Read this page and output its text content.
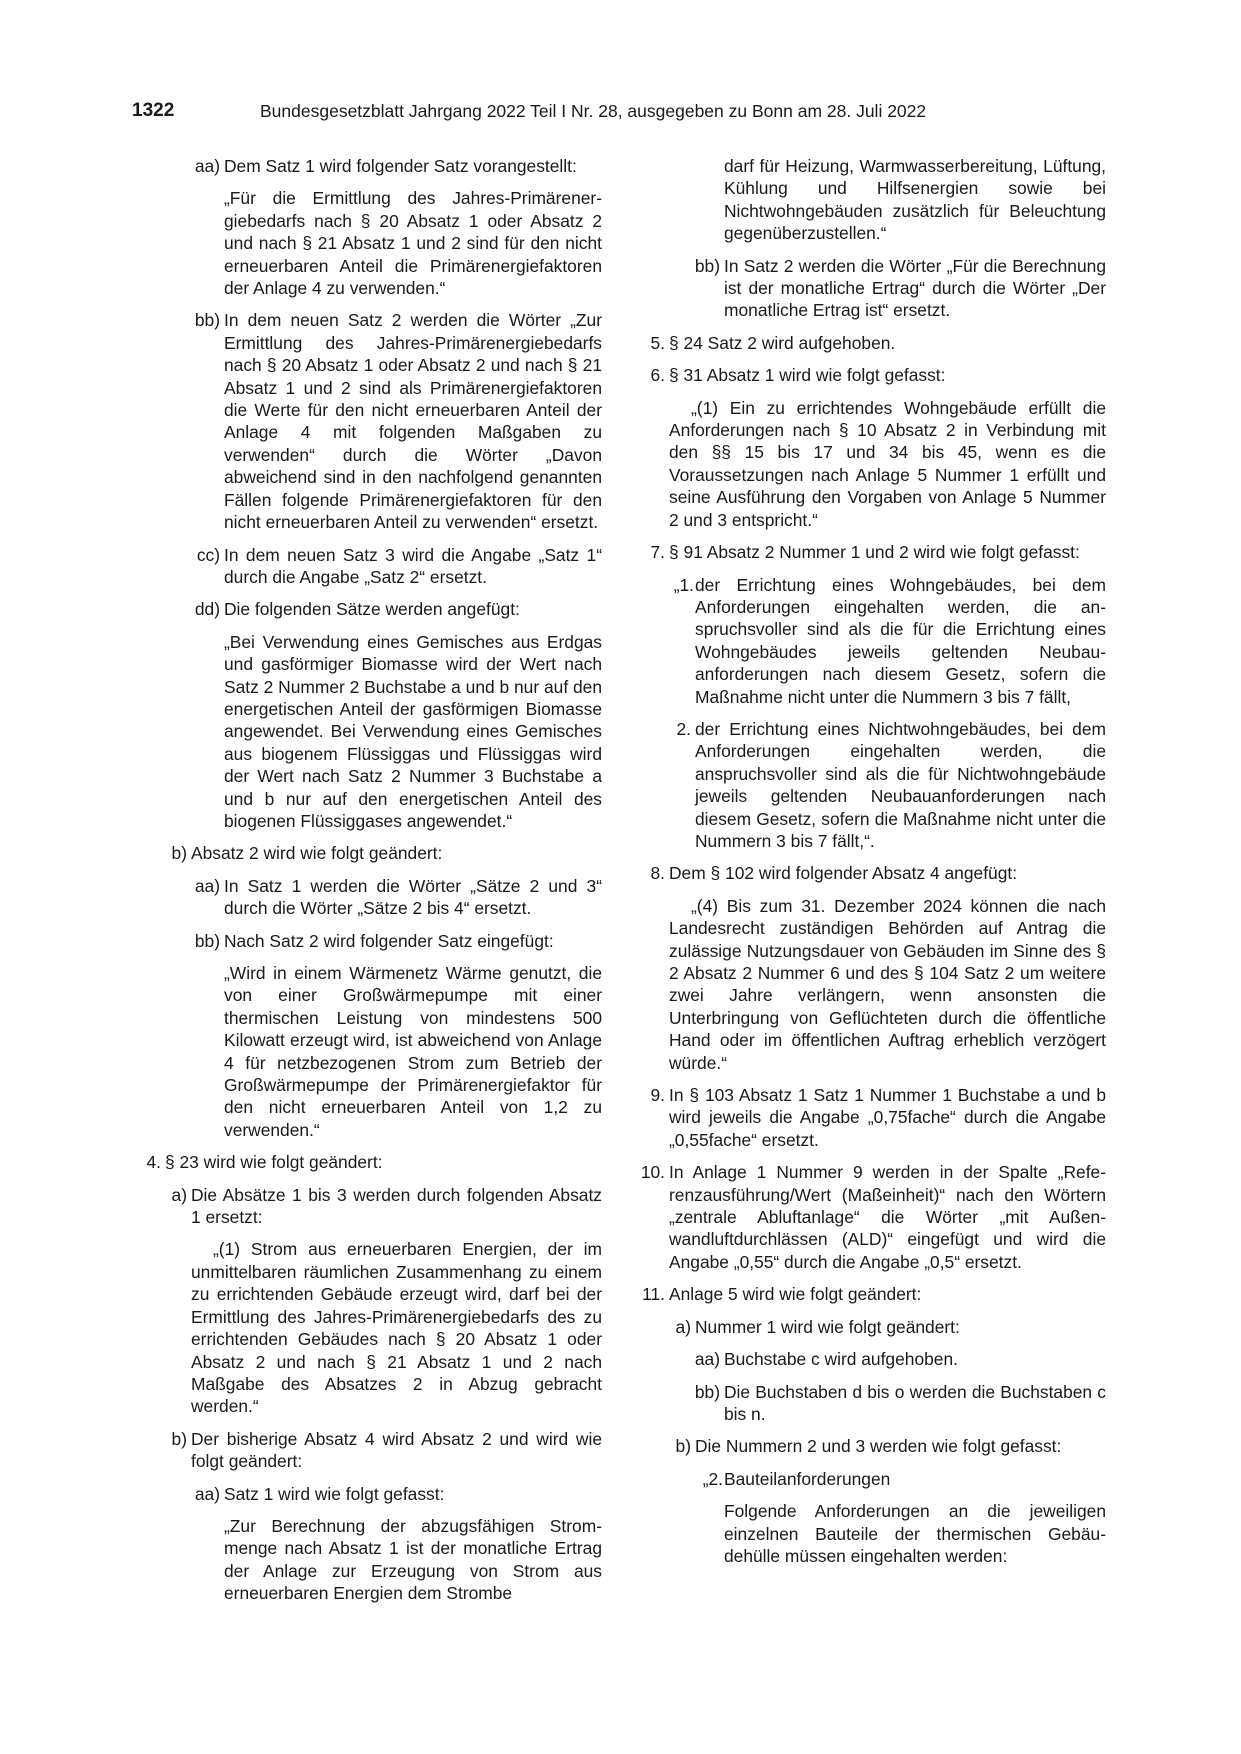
1322	Bundesgesetzblatt Jahrgang 2022 Teil I Nr. 28, ausgegeben zu Bonn am 28. Juli 2022
aa) Dem Satz 1 wird folgender Satz vorangestellt:
„Für die Ermittlung des Jahres-Primärenergiebedarfs nach § 20 Absatz 1 oder Absatz 2 und nach § 21 Absatz 1 und 2 sind für den nicht erneuerbaren Anteil die Primärenergiefaktoren der Anlage 4 zu verwenden.“
bb) In dem neuen Satz 2 werden die Wörter „Zur Ermittlung des Jahres-Primärenergiebedarfs nach § 20 Absatz 1 oder Absatz 2 und nach § 21 Absatz 1 und 2 sind als Primärenergiefaktoren die Werte für den nicht erneuerbaren Anteil der Anlage 4 mit folgenden Maßgaben zu verwenden“ durch die Wörter „Davon abweichend sind in den nachfolgend genannten Fällen folgende Primärenergiefaktoren für den nicht erneuerbaren Anteil zu verwenden“ ersetzt.
cc) In dem neuen Satz 3 wird die Angabe „Satz 1“ durch die Angabe „Satz 2“ ersetzt.
dd) Die folgenden Sätze werden angefügt:
„Bei Verwendung eines Gemisches aus Erdgas und gasförmiger Biomasse wird der Wert nach Satz 2 Nummer 2 Buchstabe a und b nur auf den energetischen Anteil der gasförmigen Biomasse angewendet. Bei Verwendung eines Gemisches aus biogenem Flüssiggas und Flüssiggas wird der Wert nach Satz 2 Nummer 3 Buchstabe a und b nur auf den energetischen Anteil des biogenen Flüssiggases angewendet.“
b) Absatz 2 wird wie folgt geändert:
aa) In Satz 1 werden die Wörter „Sätze 2 und 3“ durch die Wörter „Sätze 2 bis 4“ ersetzt.
bb) Nach Satz 2 wird folgender Satz eingefügt:
„Wird in einem Wärmenetz Wärme genutzt, die von einer Großwärmepumpe mit einer thermischen Leistung von mindestens 500 Kilowatt erzeugt wird, ist abweichend von Anlage 4 für netzbezogenen Strom zum Betrieb der Großwärmepumpe der Primärenergiefaktor für den nicht erneuerbaren Anteil von 1,2 zu verwenden.“
4. § 23 wird wie folgt geändert:
a) Die Absätze 1 bis 3 werden durch folgenden Absatz 1 ersetzt:
„(1) Strom aus erneuerbaren Energien, der im unmittelbaren räumlichen Zusammenhang zu einem zu errichtenden Gebäude erzeugt wird, darf bei der Ermittlung des Jahres-Primärenergiebedarfs des zu errichtenden Gebäudes nach § 20 Absatz 1 oder Absatz 2 und nach § 21 Absatz 1 und 2 nach Maßgabe des Absatzes 2 in Abzug gebracht werden.“
b) Der bisherige Absatz 4 wird Absatz 2 und wird wie folgt geändert:
aa) Satz 1 wird wie folgt gefasst:
„Zur Berechnung der abzugsfähigen Strommenge nach Absatz 1 ist der monatliche Ertrag der Anlage zur Erzeugung von Strom aus erneuerbaren Energien dem Strombe
darf für Heizung, Warmwasserbereitung, Lüftung, Kühlung und Hilfsenergien sowie bei Nichtwohngebäuden zusätzlich für Beleuchtung gegenüberzustellen.“
bb) In Satz 2 werden die Wörter „Für die Berechnung ist der monatliche Ertrag“ durch die Wörter „Der monatliche Ertrag ist“ ersetzt.
5. § 24 Satz 2 wird aufgehoben.
6. § 31 Absatz 1 wird wie folgt gefasst:
„(1) Ein zu errichtendes Wohngebäude erfüllt die Anforderungen nach § 10 Absatz 2 in Verbindung mit den §§ 15 bis 17 und 34 bis 45, wenn es die Voraussetzungen nach Anlage 5 Nummer 1 erfüllt und seine Ausführung den Vorgaben von Anlage 5 Nummer 2 und 3 entspricht.“
7. § 91 Absatz 2 Nummer 1 und 2 wird wie folgt gefasst:
„1. der Errichtung eines Wohngebäudes, bei dem Anforderungen eingehalten werden, die anspruchsvoller sind als die für die Errichtung eines Wohngebäudes jeweils geltenden Neubauanforderungen nach diesem Gesetz, sofern die Maßnahme nicht unter die Nummern 3 bis 7 fällt,
2. der Errichtung eines Nichtwohngebäudes, bei dem Anforderungen eingehalten werden, die anspruchsvoller sind als die für Nichtwohngebäude jeweils geltenden Neubauanforderungen nach diesem Gesetz, sofern die Maßnahme nicht unter die Nummern 3 bis 7 fällt,“.
8. Dem § 102 wird folgender Absatz 4 angefügt:
„(4) Bis zum 31. Dezember 2024 können die nach Landesrecht zuständigen Behörden auf Antrag die zulässige Nutzungsdauer von Gebäuden im Sinne des § 2 Absatz 2 Nummer 6 und des § 104 Satz 2 um weitere zwei Jahre verlängern, wenn ansonsten die Unterbringung von Geflüchteten durch die öffentliche Hand oder im öffentlichen Auftrag erheblich verzögert würde.“
9. In § 103 Absatz 1 Satz 1 Nummer 1 Buchstabe a und b wird jeweils die Angabe „0,75fache“ durch die Angabe „0,55fache“ ersetzt.
10. In Anlage 1 Nummer 9 werden in der Spalte „Referenzausführung/Wert (Maßeinheit)“ nach den Wörtern „zentrale Abluftanlage“ die Wörter „mit Außenwandluftdurchlässen (ALD)“ eingefügt und wird die Angabe „0,55“ durch die Angabe „0,5“ ersetzt.
11. Anlage 5 wird wie folgt geändert:
a) Nummer 1 wird wie folgt geändert:
aa) Buchstabe c wird aufgehoben.
bb) Die Buchstaben d bis o werden die Buchstaben c bis n.
b) Die Nummern 2 und 3 werden wie folgt gefasst:
„2. Bauteilanforderungen
Folgende Anforderungen an die jeweiligen einzelnen Bauteile der thermischen Gebäudehülle müssen eingehalten werden:
